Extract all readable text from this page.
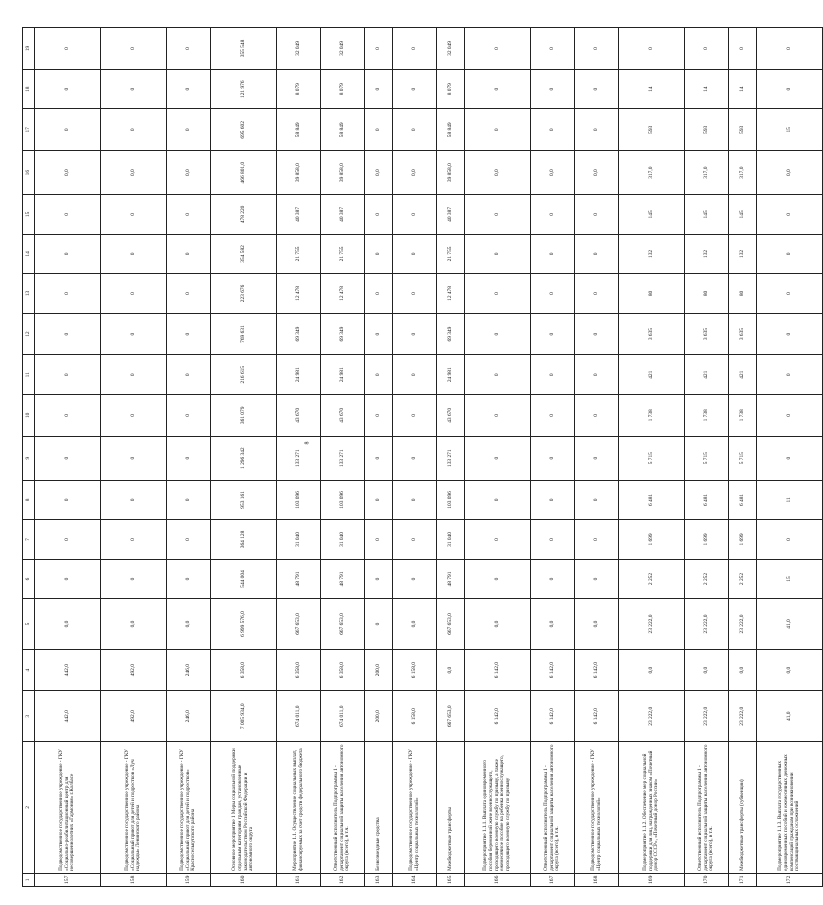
8
1	2	3	4	5	6	7	8	9	10	11	12	13	14	15	16	17	18	19
157	Подведомственное государственное учреждение - ГКУ «Социально-реабилитационный центр для несовершеннолетних «Гармония» г.Колбасе	442,0	442,0	0,0	0	0	0	0	0	0	0	0	0	0	0,0	0	0	0
158	Подведомственное государственное учреждение - ГКУ «Социальный приют для детей и подростков «Луч надежды» Ленинского района	492,0	492,0	0,0	0	0	0	0	0	0	0	0	0	0	0,0	0	0	0
159	Подведомственное государственное учреждение - ГКУ «Социальный приют для детей и подростков» Красноселькупского района	246,0	246,0	0,0	0	0	0	0	0	0	0	0	0	0	0,0	0	0	0
160	Основное мероприятие 1 Меры социальной поддержки отдельным категориям граждан, установленные законодательством Российской Федерации и автономного округа	7 005 934,0	6 358,0	6 999 576,0	544 004	364 128	953 161	1 296 342	361 079	216 615	769 631	223 676	354 582	478 220	466 801,0	695 602	121 976	355 548
161	Мероприятие 1.1. Осуществление социальных выплат, финансируемых за счет средств федерального бюджета	674 011,0	6 358,0	667 653,0	48 791	31 040	103 096	133 271	43 670	24 981	69 349	12 478	21 755	40 387	39 858,0	58 849	8 079	32 049
162	Ответственный исполнитель Подпрограммы 1 - департамент социальной защиты населения автономного округа (всего), в т.ч.	674 011,0	6 358,0	667 653,0	48 791	31 040	103 096	133 271	43 670	24 981	69 349	12 478	21 755	40 387	39 858,0	58 849	8 079	32 049
163	Безвозмездные средства	200,0	200,0	0	0	0	0	0	0	0	0	0	0	0	0,0	0	0	0
164	Подведомственное государственное учреждение - ГКУ «Центр социальных технологий»	6 158,0	6 158,0	0,0	0	0	0	0	0	0	0	0	0	0	0,0	0	0	0
165	Межбюджетные трансферты	667 653,0	0,0	667 653,0	48 791	31 040	103 096	133 271	43 670	24 981	69 349	12 478	21 755	40 387	39 858,0	58 849	8 079	32 049
166	Подмероприятие 1.1.1. Выплата единовременного пособия беременной жене военнослужащего, проходящего военную службу по призыву, а также ежемесячное пособие на ребенка военнослужащего, проходящего военную службу по призыву	6 142,0	6 142,0	0,0	0	0	0	0	0	0	0	0	0	0	0,0	0	0	0
167	Ответственный исполнитель Подпрограммы 1 - департамент социальной защиты населения автономного округа (всего), в т.ч.	6 142,0	6 142,0	0,0	0	0	0	0	0	0	0	0	0	0	0,0	0	0	0
168	Подведомственное государственное учреждение - ГКУ «Центр социальных технологий»	6 142,0	6 142,0	0,0	0	0	0	0	0	0	0	0	0	0	0,0	0	0	0
169	Подмероприятие 1.1.2. Обеспечение мер социальной поддержки для лиц, награжденных знаком «Почетный донор СССР», «Почетный донор России»	23 222,0	0,0	23 222,0	2 252	1 699	6 481	5 715	1 738	421	3 635	80	132	145	317,0	593	14	0
170	Ответственный исполнитель Подпрограммы 1 - департамент социальной защиты населения автономного округа (всего), в т.ч.	23 222,0	0,0	23 222,0	2 252	1 699	6 481	5 715	1 738	421	3 635	80	132	145	317,0	593	14	0
171	Межбюджетные трансферты (субвенции)	23 222,0	0,0	23 222,0	2 252	1 699	6 481	5 715	1 738	421	3 635	80	132	145	317,0	593	14	0
172	Подмероприятие 1.1.3. Выплата государственных единовременных пособий и ежемесячных денежных компенсаций гражданам при возникновении поствакцинальных осложнений	41,0	0,0	41,0	15	0	11	0	0	0	0	0	0	0	0,0	15	0	0
